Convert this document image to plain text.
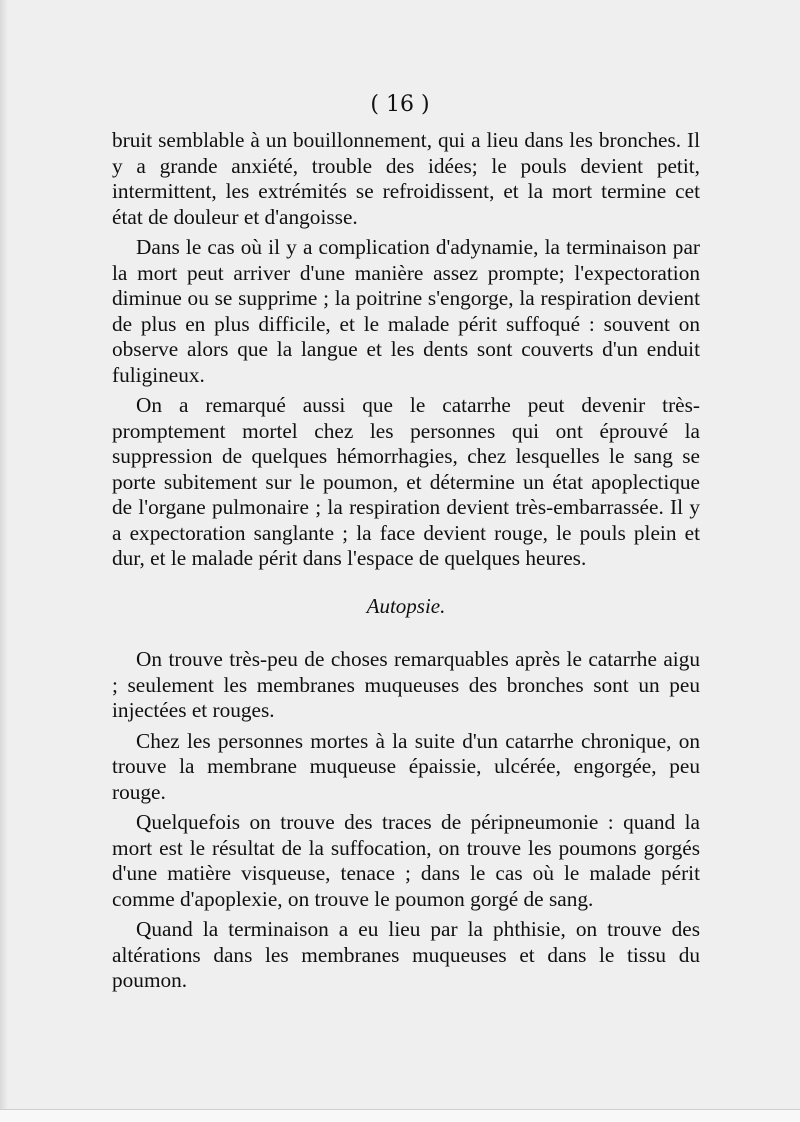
( 16 )

bruit semblable à un bouillonnement, qui a lieu dans les bronches. Il y a grande anxiété, trouble des idées; le pouls devient petit, intermittent, les extrémités se refroidissent, et la mort termine cet état de douleur et d'angoisse.

Dans le cas où il y a complication d'adynamie, la terminaison par la mort peut arriver d'une manière assez prompte; l'expectoration diminue ou se supprime ; la poitrine s'engorge, la respiration devient de plus en plus difficile, et le malade périt suffoqué : souvent on observe alors que la langue et les dents sont couverts d'un enduit fuligineux.

On a remarqué aussi que le catarrhe peut devenir très-promptement mortel chez les personnes qui ont éprouvé la suppression de quelques hémorrhagies, chez lesquelles le sang se porte subitement sur le poumon, et détermine un état apoplectique de l'organe pulmonaire ; la respiration devient très-embarrassée. Il y a expectoration sanglante ; la face devient rouge, le pouls plein et dur, et le malade périt dans l'espace de quelques heures.

Autopsie.

On trouve très-peu de choses remarquables après le catarrhe aigu ; seulement les membranes muqueuses des bronches sont un peu injectées et rouges.

Chez les personnes mortes à la suite d'un catarrhe chronique, on trouve la membrane muqueuse épaissie, ulcérée, engorgée, peu rouge.

Quelquefois on trouve des traces de péripneumonie : quand la mort est le résultat de la suffocation, on trouve les poumons gorgés d'une matière visqueuse, tenace ; dans le cas où le malade périt comme d'apoplexie, on trouve le poumon gorgé de sang.

Quand la terminaison a eu lieu par la phthisie, on trouve des altérations dans les membranes muqueuses et dans le tissu du poumon.
